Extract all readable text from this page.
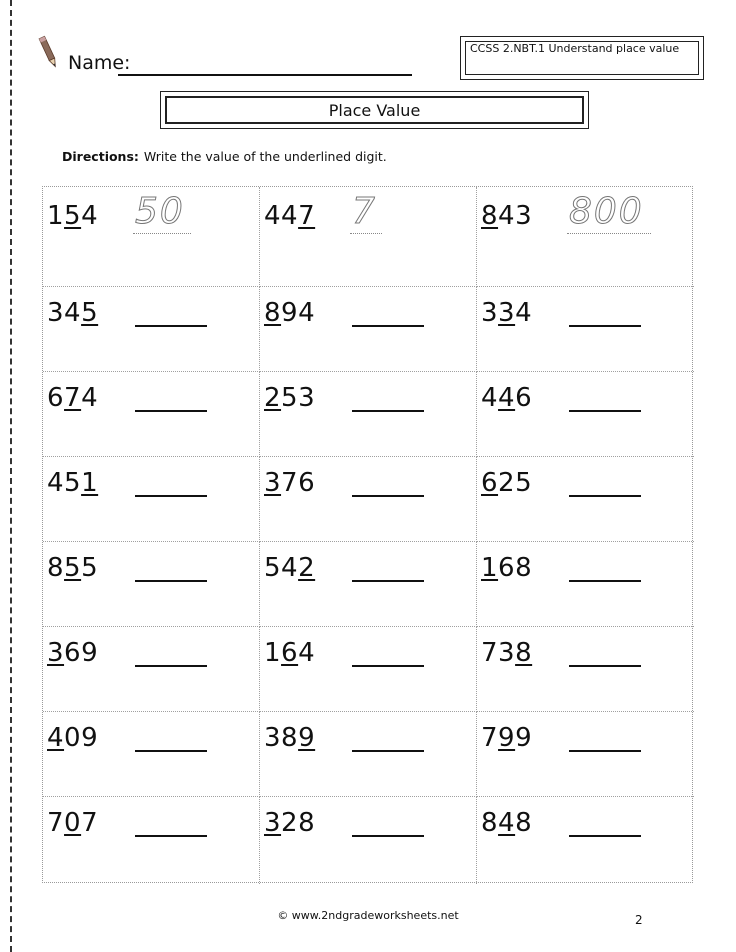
Name:
CCSS 2.NBT.1 Understand place value
Place Value
Directions: Write the value of the underlined digit.
154 50	447 7	843 800
345	894	334
674	253	446
451	376	625
855	542	168
369	164	738
409	389	799
707	328	848
© www.2ndgradeworksheets.net	2
